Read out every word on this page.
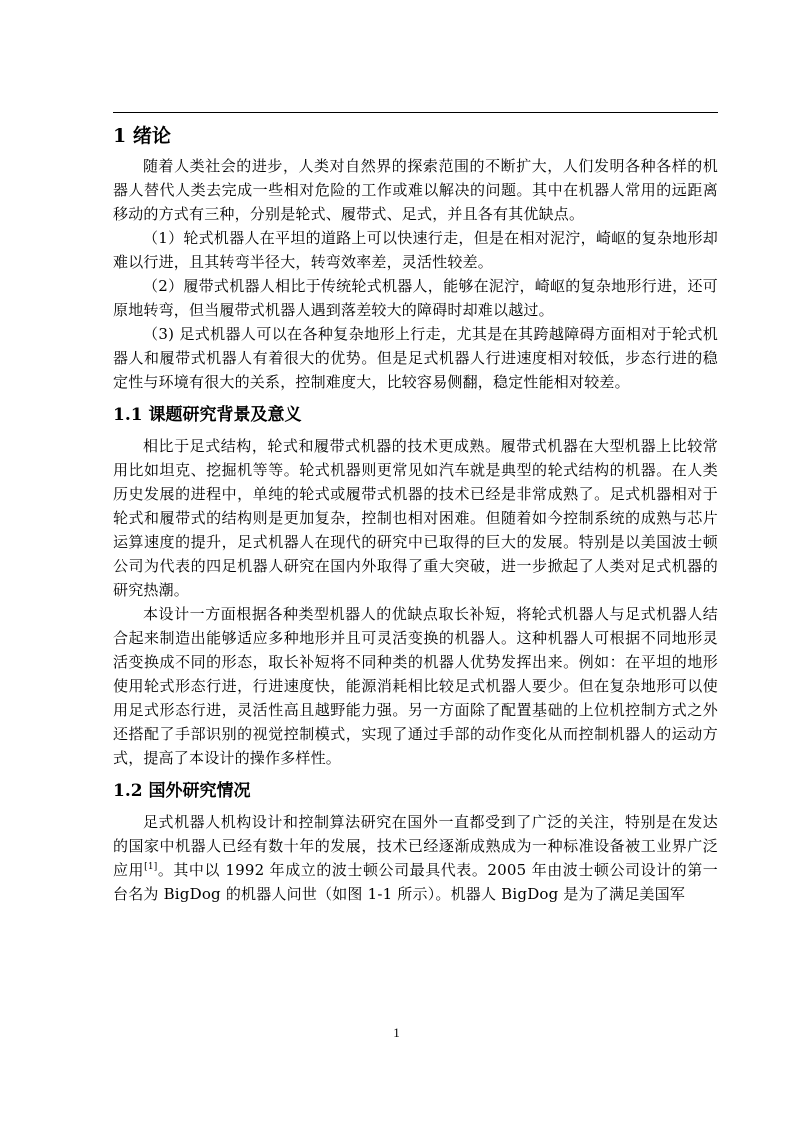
1 绪论

随着人类社会的进步，人类对自然界的探索范围的不断扩大，人们发明各种各样的机器人替代人类去完成一些相对危险的工作或难以解决的问题。其中在机器人常用的远距离移动的方式有三种，分别是轮式、履带式、足式，并且各有其优缺点。

（1）轮式机器人在平坦的道路上可以快速行走，但是在相对泥泞，崎岖的复杂地形却难以行进，且其转弯半径大，转弯效率差，灵活性较差。

（2）履带式机器人相比于传统轮式机器人，能够在泥泞，崎岖的复杂地形行进，还可原地转弯，但当履带式机器人遇到落差较大的障碍时却难以越过。

（3) 足式机器人可以在各种复杂地形上行走，尤其是在其跨越障碍方面相对于轮式机器人和履带式机器人有着很大的优势。但是足式机器人行进速度相对较低，步态行进的稳定性与环境有很大的关系，控制难度大，比较容易侧翻，稳定性能相对较差。

1.1 课题研究背景及意义

相比于足式结构，轮式和履带式机器的技术更成熟。履带式机器在大型机器上比较常用比如坦克、挖掘机等等。轮式机器则更常见如汽车就是典型的轮式结构的机器。在人类历史发展的进程中，单纯的轮式或履带式机器的技术已经是非常成熟了。足式机器相对于轮式和履带式的结构则是更加复杂，控制也相对困难。但随着如今控制系统的成熟与芯片运算速度的提升，足式机器人在现代的研究中已取得的巨大的发展。特别是以美国波士顿公司为代表的四足机器人研究在国内外取得了重大突破，进一步掀起了人类对足式机器的研究热潮。

本设计一方面根据各种类型机器人的优缺点取长补短，将轮式机器人与足式机器人结合起来制造出能够适应多种地形并且可灵活变换的机器人。这种机器人可根据不同地形灵活变换成不同的形态，取长补短将不同种类的机器人优势发挥出来。例如：在平坦的地形使用轮式形态行进，行进速度快，能源消耗相比较足式机器人要少。但在复杂地形可以使用足式形态行进，灵活性高且越野能力强。另一方面除了配置基础的上位机控制方式之外还搭配了手部识别的视觉控制模式，实现了通过手部的动作变化从而控制机器人的运动方式，提高了本设计的操作多样性。

1.2 国外研究情况

足式机器人机构设计和控制算法研究在国外一直都受到了广泛的关注，特别是在发达的国家中机器人已经有数十年的发展，技术已经逐渐成熟成为一种标准设备被工业界广泛应用[1]。其中以 1992 年成立的波士顿公司最具代表。2005 年由波士顿公司设计的第一台名为 BigDog 的机器人问世（如图 1-1 所示）。机器人 BigDog 是为了满足美国军

1
